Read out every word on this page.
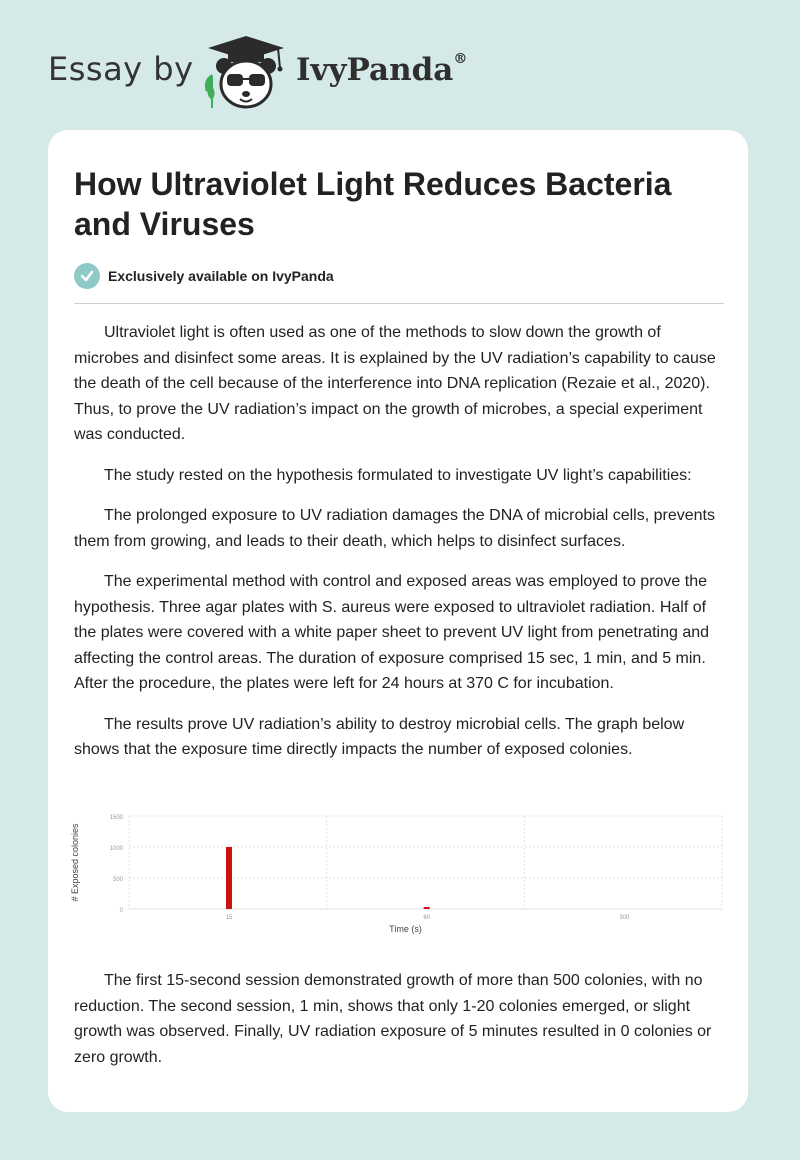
Essay by	IvyPanda®
How Ultraviolet Light Reduces Bacteria and Viruses
Exclusively available on IvyPanda

Ultraviolet light is often used as one of the methods to slow down the growth of microbes and disinfect some areas. It is explained by the UV radiation’s capability to cause the death of the cell because of the interference into DNA replication (Rezaie et al., 2020). Thus, to prove the UV radiation’s impact on the growth of microbes, a special experiment was conducted.

The study rested on the hypothesis formulated to investigate UV light’s capabilities:

The prolonged exposure to UV radiation damages the DNA of microbial cells, prevents them from growing, and leads to their death, which helps to disinfect surfaces.

The experimental method with control and exposed areas was employed to prove the hypothesis. Three agar plates with S. aureus were exposed to ultraviolet radiation. Half of the plates were covered with a white paper sheet to prevent UV light from penetrating and affecting the control areas. The duration of exposure comprised 15 sec, 1 min, and 5 min. After the procedure, the plates were left for 24 hours at 370 C for incubation.

The results prove UV radiation’s ability to destroy microbial cells. The graph below shows that the exposure time directly impacts the number of exposed colonies.

0
500
1000
1500
15	60	300
Time (s)
# Exposed colonies

The first 15-second session demonstrated growth of more than 500 colonies, with no reduction. The second session, 1 min, shows that only 1-20 colonies emerged, or slight growth was observed. Finally, UV radiation exposure of 5 minutes resulted in 0 colonies or zero growth.
